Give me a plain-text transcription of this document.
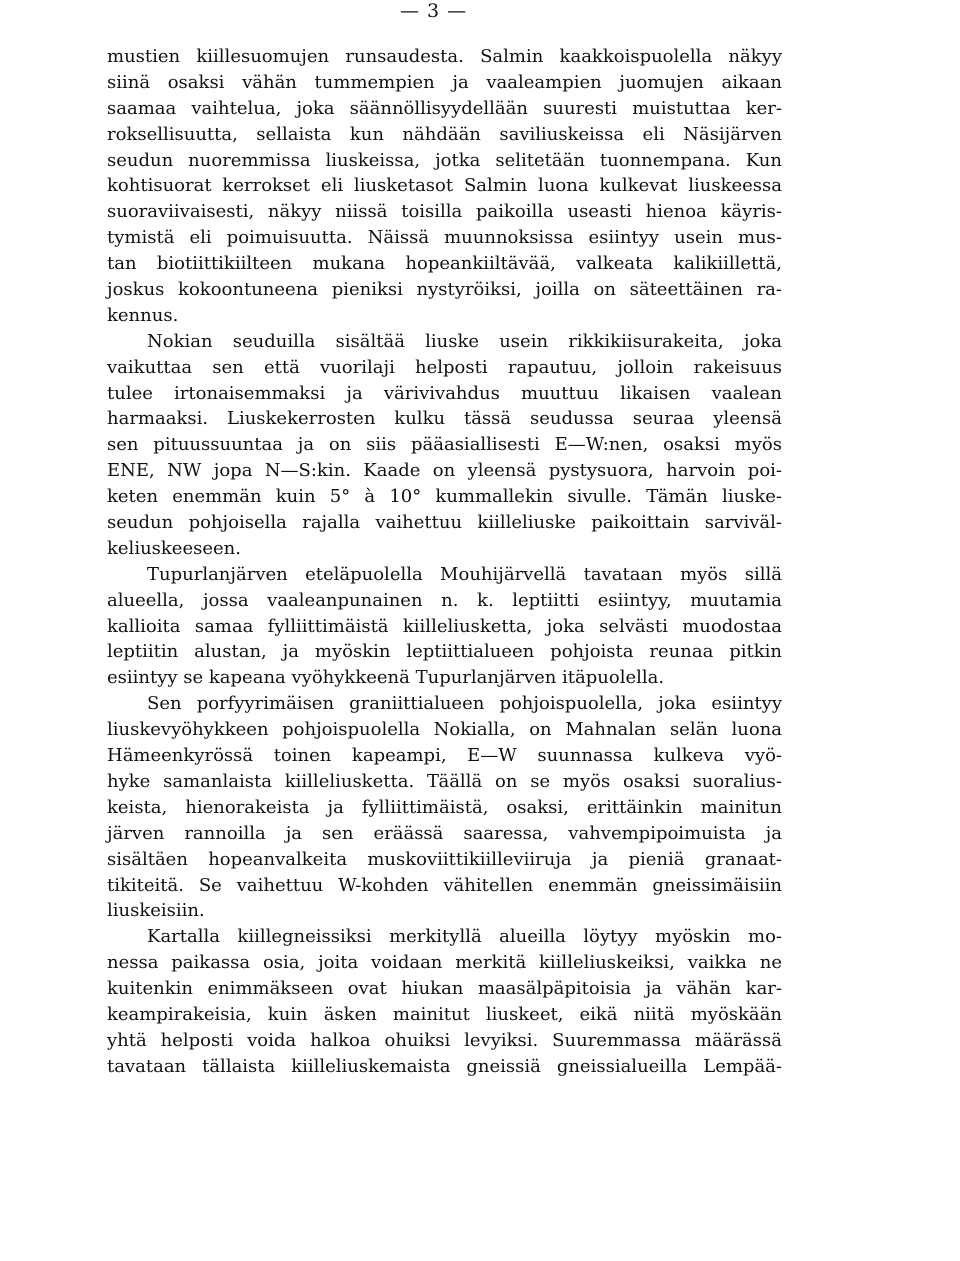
— 3 —
mustien kiillesuomujen runsaudesta. Salmin kaakkoispuolella näkyy
siinä osaksi vähän tummempien ja vaaleampien juomujen aikaan
saamaa vaihtelua, joka säännöllisyydellään suuresti muistuttaa ker-
roksellisuutta, sellaista kun nähdään saviliuskeissa eli Näsijärven
seudun nuoremmissa liuskeissa, jotka selitetään tuonnempana. Kun
kohtisuorat kerrokset eli liusketasot Salmin luona kulkevat liuskeessa
suoraviivaisesti, näkyy niissä toisilla paikoilla useasti hienoa käyris-
tymistä eli poimuisuutta. Näissä muunnoksissa esiintyy usein mus-
tan biotiittikiilteen mukana hopeankiiltävää, valkeata kalikiillettä,
joskus kokoontuneena pieniksi nystyröiksi, joilla on säteettäinen ra-
kennus.
Nokian seuduilla sisältää liuske usein rikkikiisurakeita, joka
vaikuttaa sen että vuorilaji helposti rapautuu, jolloin rakeisuus
tulee irtonaisemmaksi ja värivivahdus muuttuu likaisen vaalean
harmaaksi. Liuskekerrosten kulku tässä seudussa seuraa yleensä
sen pituussuuntaa ja on siis pääasiallisesti E—W:nen, osaksi myös
ENE, NW jopa N—S:kin. Kaade on yleensä pystysuora, harvoin poi-
keten enemmän kuin 5° à 10° kummallekin sivulle. Tämän liuske-
seudun pohjoisella rajalla vaihettuu kiilleliuske paikoittain sarviväl-
keliuskeeseen.
Tupurlanjärven eteläpuolella Mouhijärvellä tavataan myös sillä
alueella, jossa vaaleanpunainen n. k. leptiitti esiintyy, muutamia
kallioita samaa fylliittimäistä kiilleliusketta, joka selvästi muodostaa
leptiitin alustan, ja myöskin leptiittialueen pohjoista reunaa pitkin
esiintyy se kapeana vyöhykkeenä Tupurlanjärven itäpuolella.
Sen porfyyrimäisen graniittialueen pohjoispuolella, joka esiintyy
liuskevyöhykkeen pohjoispuolella Nokialla, on Mahnalan selän luona
Hämeenkyrössä toinen kapeampi, E—W suunnassa kulkeva vyö-
hyke samanlaista kiilleliusketta. Täällä on se myös osaksi suoralius-
keista, hienorakeista ja fylliittimäistä, osaksi, erittäinkin mainitun
järven rannoilla ja sen eräässä saaressa, vahvempipoimuista ja
sisältäen hopeanvalkeita muskoviittikiilleviiruja ja pieniä granaat-
tikiteitä. Se vaihettuu W-kohden vähitellen enemmän gneissimäisiin
liuskeisiin.
Kartalla kiillegneissiksi merkityllä alueilla löytyy myöskin mo-
nessa paikassa osia, joita voidaan merkitä kiilleliuskeiksi, vaikka ne
kuitenkin enimmäkseen ovat hiukan maasälpäpitoisia ja vähän kar-
keampirakeisia, kuin äsken mainitut liuskeet, eikä niitä myöskään
yhtä helposti voida halkoa ohuiksi levyiksi. Suuremmassa määrässä
tavataan tällaista kiilleliuskemaista gneissiä gneissialueilla Lempää-
